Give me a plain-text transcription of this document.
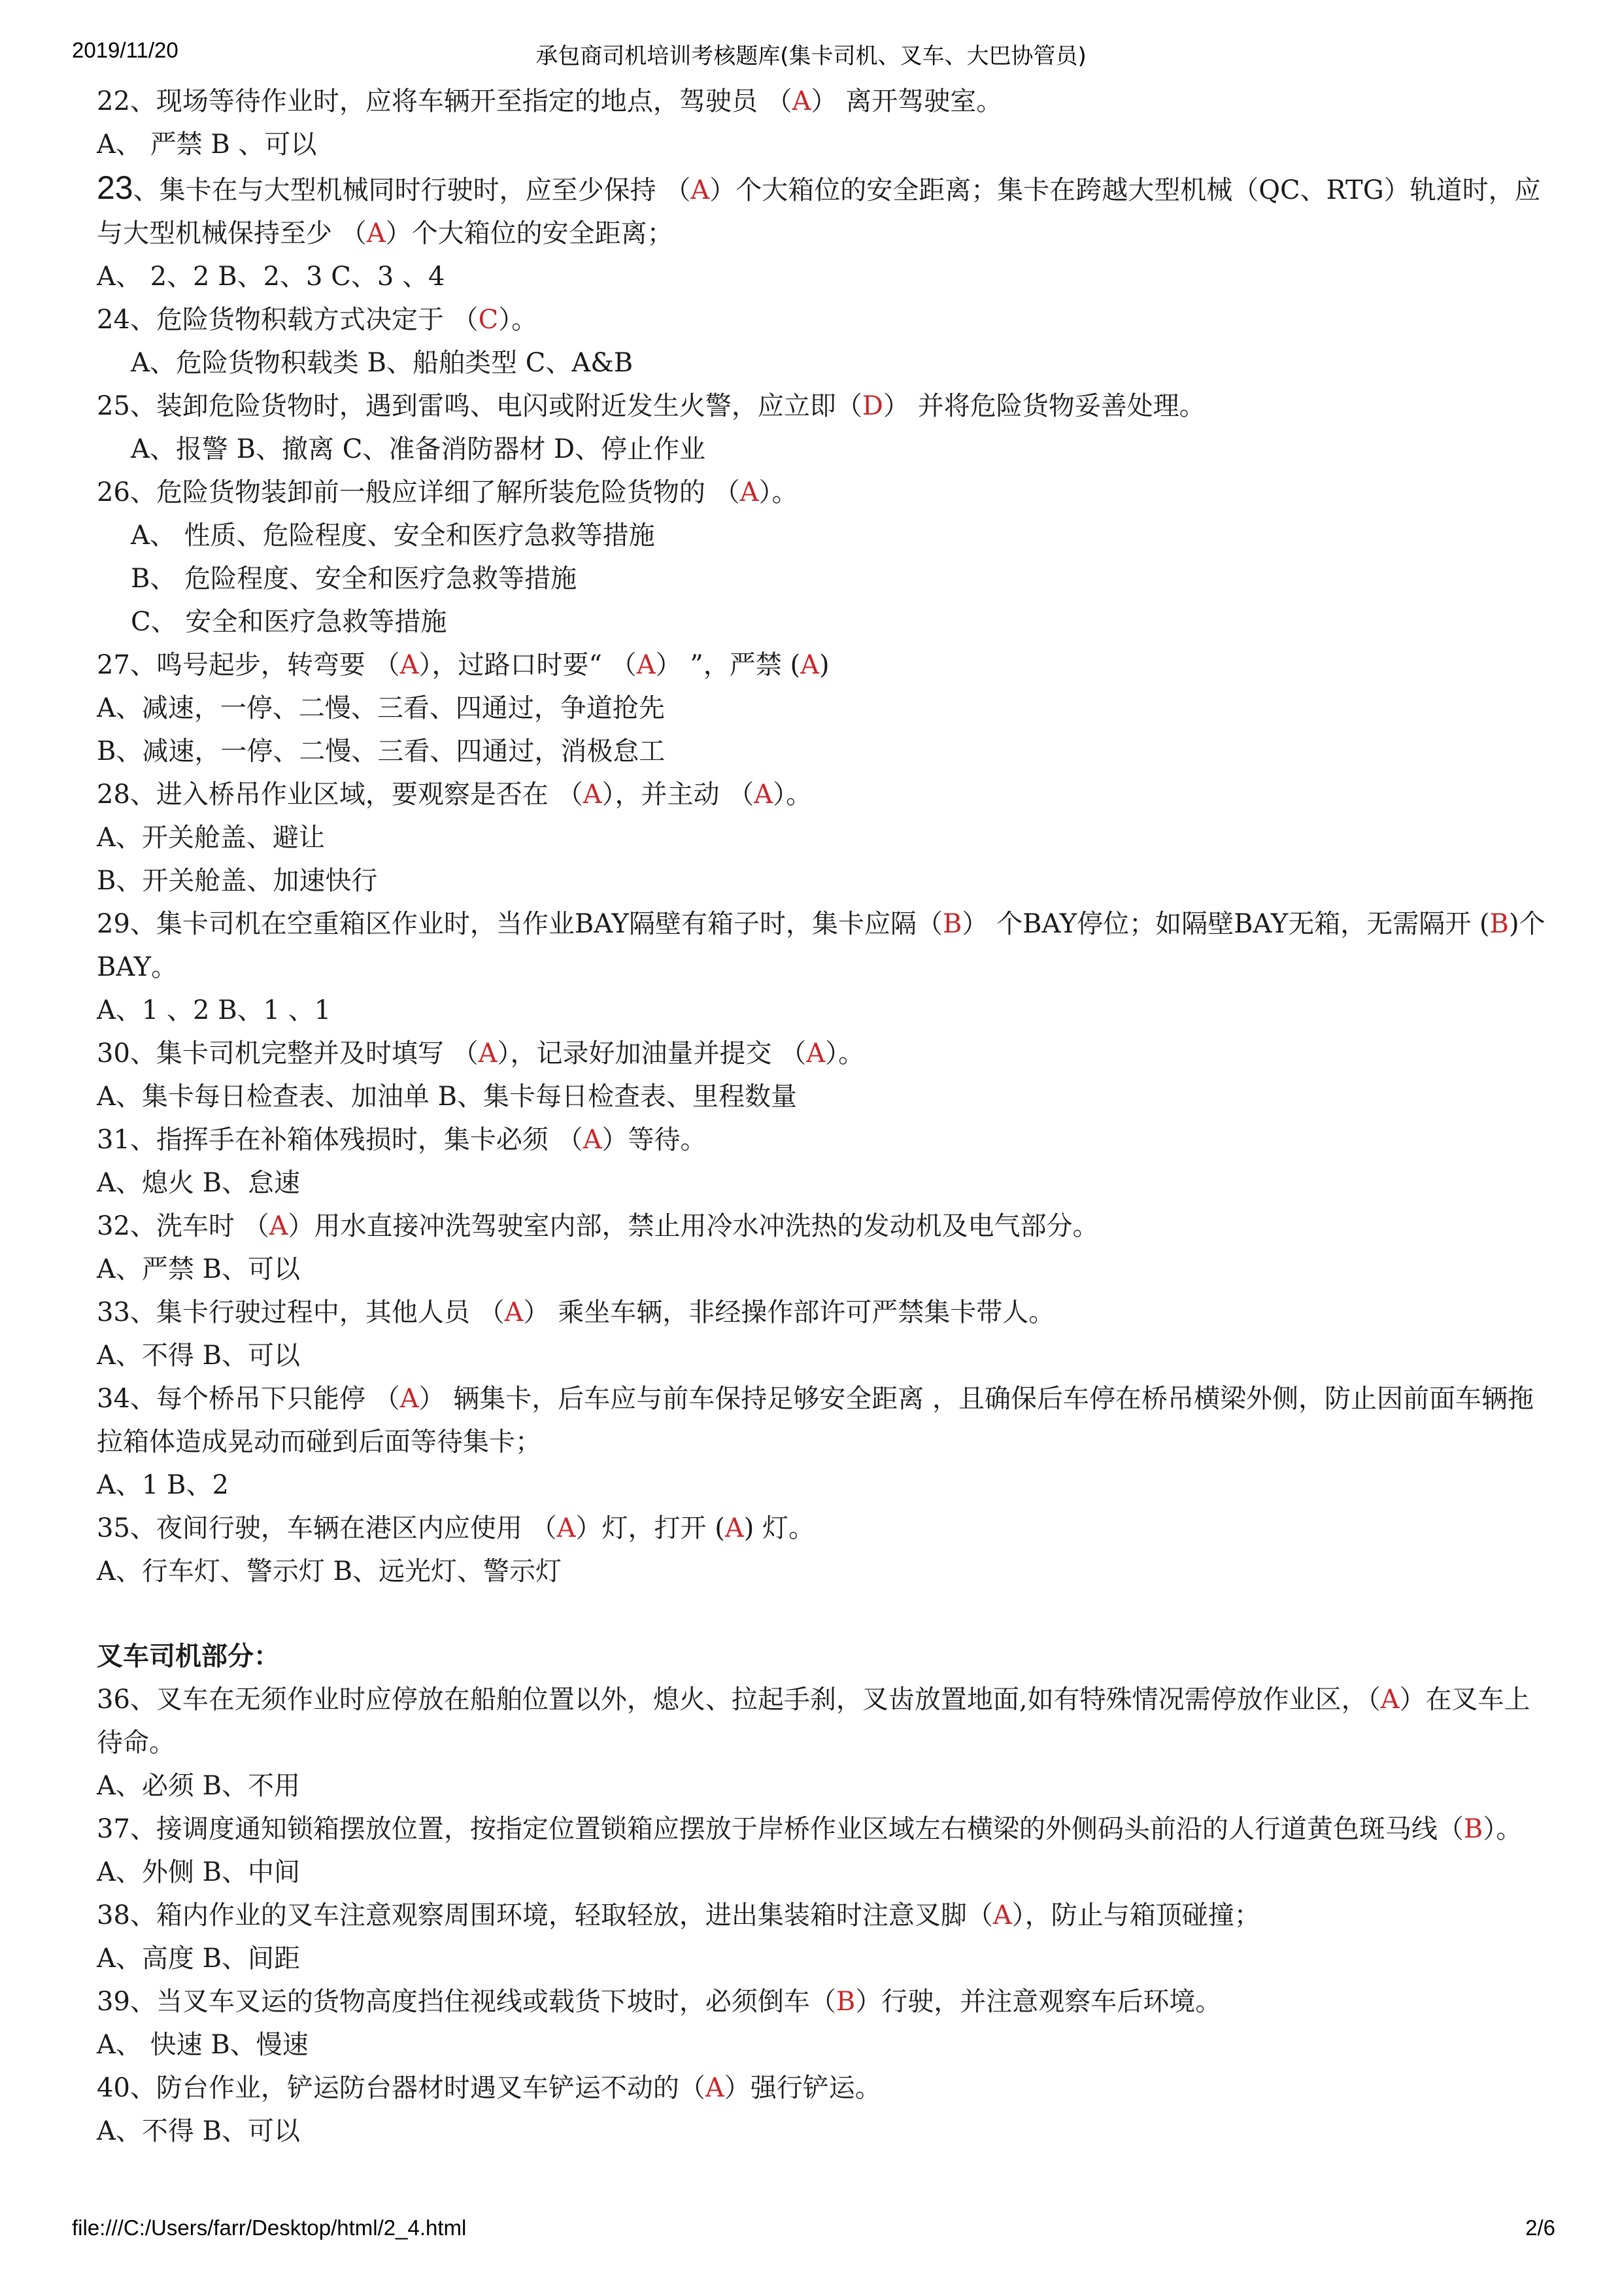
2019/11/20	承包商司机培训考核题库(集卡司机、叉车、大巴协管员)
22、现场等待作业时，应将车辆开至指定的地点，驾驶员 （A） 离开驾驶室。
A、 严禁 B 、可以
23、集卡在与大型机械同时行驶时，应至少保持 （A）个大箱位的安全距离；集卡在跨越大型机械（QC、RTG）轨道时，应与大型机械保持至少 （A）个大箱位的安全距离；
A、 2、2 B、2、3 C、3 、4
24、危险货物积载方式决定于 （C）。
A、危险货物积载类 B、船舶类型 C、A&B
25、装卸危险货物时，遇到雷鸣、电闪或附近发生火警，应立即（D） 并将危险货物妥善处理。
A、报警 B、撤离 C、准备消防器材 D、停止作业
26、危险货物装卸前一般应详细了解所装危险货物的 （A）。
A、 性质、危险程度、安全和医疗急救等措施
B、 危险程度、安全和医疗急救等措施
C、 安全和医疗急救等措施
27、鸣号起步，转弯要 （A），过路口时要“ （A） ”，严禁 (A)
A、减速，一停、二慢、三看、四通过，争道抢先
B、减速，一停、二慢、三看、四通过，消极怠工
28、进入桥吊作业区域，要观察是否在 （A），并主动 （A）。
A、开关舱盖、避让
B、开关舱盖、加速快行
29、集卡司机在空重箱区作业时，当作业BAY隔壁有箱子时，集卡应隔（B） 个BAY停位；如隔壁BAY无箱，无需隔开 (B)个BAY。
A、1 、2 B、1 、1
30、集卡司机完整并及时填写 （A），记录好加油量并提交 （A）。
A、集卡每日检查表、加油单 B、集卡每日检查表、里程数量
31、指挥手在补箱体残损时，集卡必须 （A）等待。
A、熄火 B、怠速
32、洗车时 （A）用水直接冲洗驾驶室内部，禁止用冷水冲洗热的发动机及电气部分。
A、严禁 B、可以
33、集卡行驶过程中，其他人员 （A） 乘坐车辆，非经操作部许可严禁集卡带人。
A、不得 B、可以
34、每个桥吊下只能停 （A） 辆集卡，后车应与前车保持足够安全距离 ，且确保后车停在桥吊横梁外侧，防止因前面车辆拖拉箱体造成晃动而碰到后面等待集卡；
A、1 B、2
35、夜间行驶，车辆在港区内应使用 （A）灯，打开 (A) 灯。
A、行车灯、警示灯 B、远光灯、警示灯
叉车司机部分：
36、叉车在无须作业时应停放在船舶位置以外，熄火、拉起手刹，叉齿放置地面,如有特殊情况需停放作业区，（A）在叉车上待命。
A、必须 B、不用
37、接调度通知锁箱摆放位置，按指定位置锁箱应摆放于岸桥作业区域左右横梁的外侧码头前沿的人行道黄色斑马线（B）。
A、外侧 B、中间
38、箱内作业的叉车注意观察周围环境，轻取轻放，进出集装箱时注意叉脚（A），防止与箱顶碰撞；
A、高度 B、间距
39、当叉车叉运的货物高度挡住视线或载货下坡时，必须倒车（B）行驶，并注意观察车后环境。
A、 快速 B、慢速
40、防台作业，铲运防台器材时遇叉车铲运不动的（A）强行铲运。
A、不得 B、可以
file:///C:/Users/farr/Desktop/html/2_4.html	2/6
